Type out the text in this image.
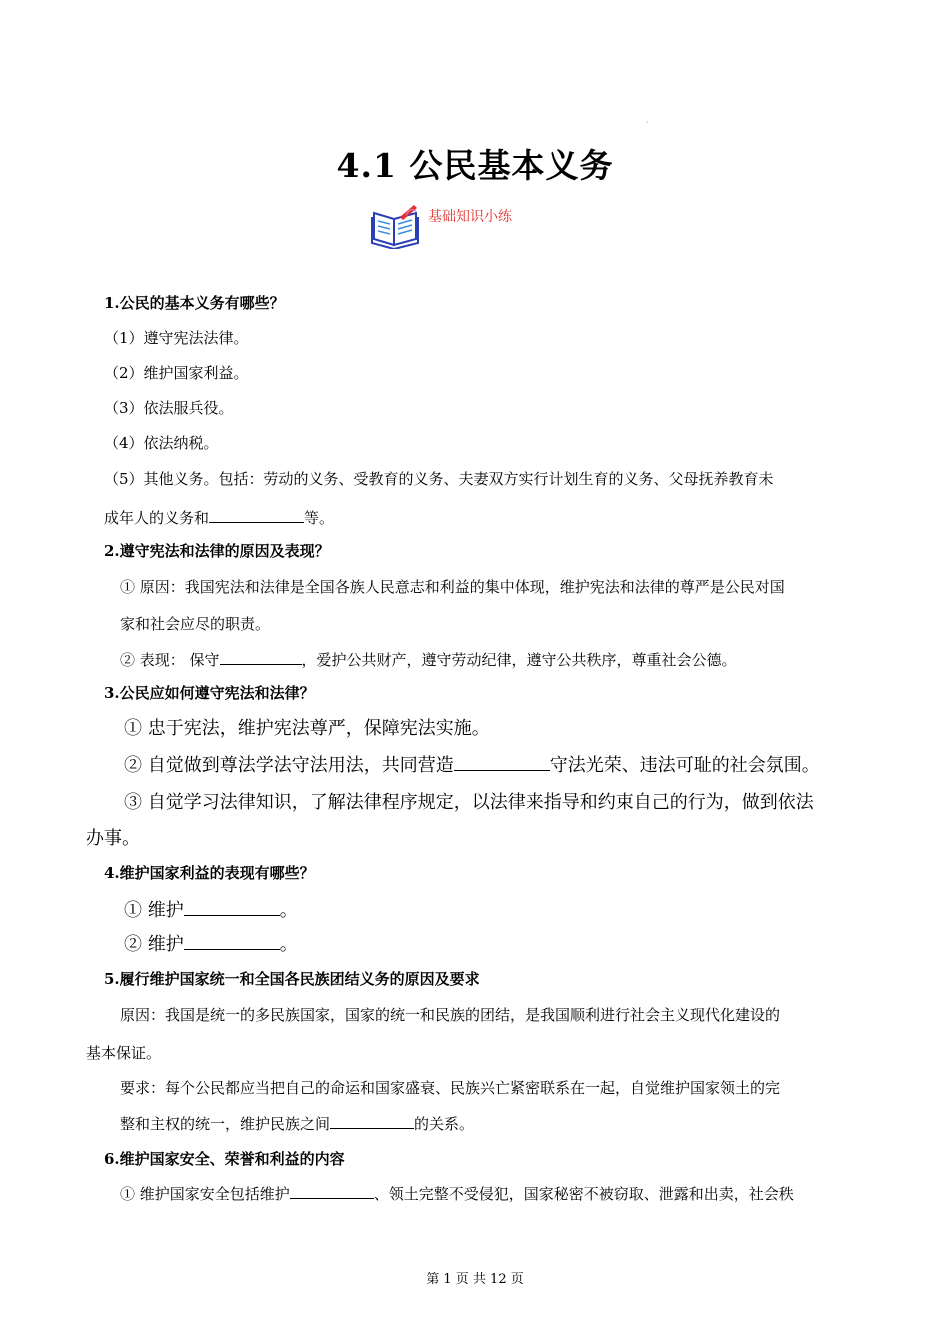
·
4.1 公民基本义务
基础知识小练
1.公民的基本义务有哪些？
（1）遵守宪法法律。
（2）维护国家利益。
（3）依法服兵役。
（4）依法纳税。
（5）其他义务。包括：劳动的义务、受教育的义务、夫妻双方实行计划生育的义务、父母抚养教育未
成年人的义务和	等。
2.遵守宪法和法律的原因及表现？
① 原因：我国宪法和法律是全国各族人民意志和利益的集中体现，维护宪法和法律的尊严是公民对国
家和社会应尽的职责。
② 表现： 保守	，爱护公共财产，遵守劳动纪律，遵守公共秩序，尊重社会公德。
3.公民应如何遵守宪法和法律？
① 忠于宪法，维护宪法尊严，保障宪法实施。
② 自觉做到尊法学法守法用法，共同营造	守法光荣、违法可耻的社会氛围。
③ 自觉学习法律知识，了解法律程序规定，以法律来指导和约束自己的行为，做到依法
办事。
4.维护国家利益的表现有哪些？
① 维护	。
② 维护	。
5.履行维护国家统一和全国各民族团结义务的原因及要求
原因：我国是统一的多民族国家，国家的统一和民族的团结，是我国顺利进行社会主义现代化建设的
基本保证。
要求：每个公民都应当把自己的命运和国家盛衰、民族兴亡紧密联系在一起，自觉维护国家领土的完
整和主权的统一，维护民族之间	的关系。
6.维护国家安全、荣誉和利益的内容
① 维护国家安全包括维护	、领土完整不受侵犯，国家秘密不被窃取、泄露和出卖，社会秩
第 1 页 共 12 页
